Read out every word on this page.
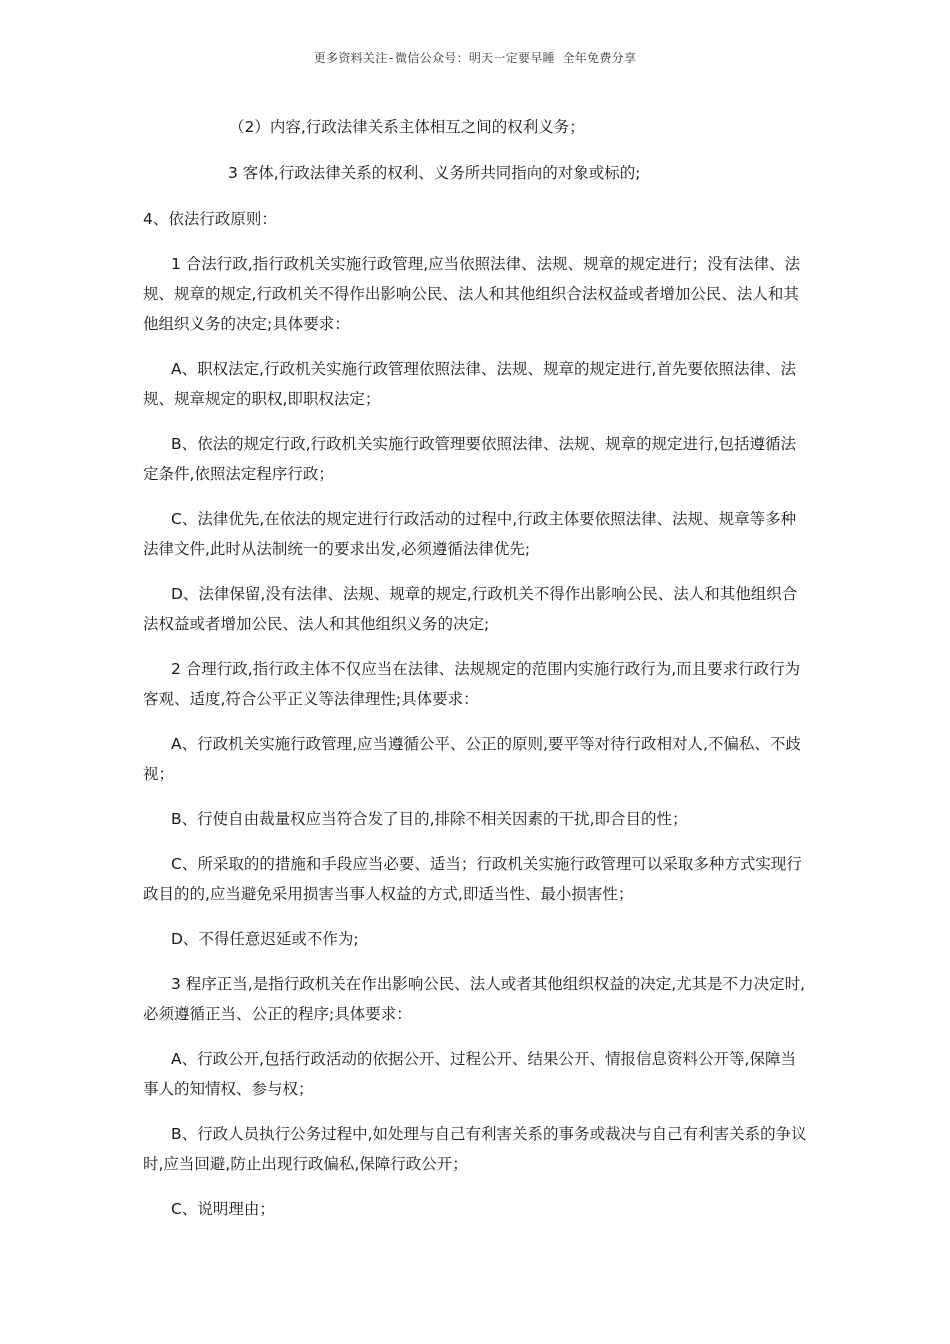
更多资料关注-微信公众号：明天一定要早睡 全年免费分享

（2）内容,行政法律关系主体相互之间的权利义务；

3 客体,行政法律关系的权利、义务所共同指向的对象或标的;

4、依法行政原则：

1 合法行政,指行政机关实施行政管理,应当依照法律、法规、规章的规定进行；没有法律、法规、规章的规定,行政机关不得作出影响公民、法人和其他组织合法权益或者增加公民、法人和其他组织义务的决定;具体要求：

A、职权法定,行政机关实施行政管理依照法律、法规、规章的规定进行,首先要依照法律、法规、规章规定的职权,即职权法定；

B、依法的规定行政,行政机关实施行政管理要依照法律、法规、规章的规定进行,包括遵循法定条件,依照法定程序行政；

C、法律优先,在依法的规定进行行政活动的过程中,行政主体要依照法律、法规、规章等多种法律文件,此时从法制统一的要求出发,必须遵循法律优先;

D、法律保留,没有法律、法规、规章的规定,行政机关不得作出影响公民、法人和其他组织合法权益或者增加公民、法人和其他组织义务的决定;

2 合理行政,指行政主体不仅应当在法律、法规规定的范围内实施行政行为,而且要求行政行为客观、适度,符合公平正义等法律理性;具体要求：

A、行政机关实施行政管理,应当遵循公平、公正的原则,要平等对待行政相对人,不偏私、不歧视；

B、行使自由裁量权应当符合发了目的,排除不相关因素的干扰,即合目的性；

C、所采取的的措施和手段应当必要、适当；行政机关实施行政管理可以采取多种方式实现行政目的的,应当避免采用损害当事人权益的方式,即适当性、最小损害性；

D、不得任意迟延或不作为;

3 程序正当,是指行政机关在作出影响公民、法人或者其他组织权益的决定,尤其是不力决定时,必须遵循正当、公正的程序;具体要求：

A、行政公开,包括行政活动的依据公开、过程公开、结果公开、情报信息资料公开等,保障当事人的知情权、参与权；

B、行政人员执行公务过程中,如处理与自己有利害关系的事务或裁决与自己有利害关系的争议时,应当回避,防止出现行政偏私,保障行政公开；

C、说明理由；
